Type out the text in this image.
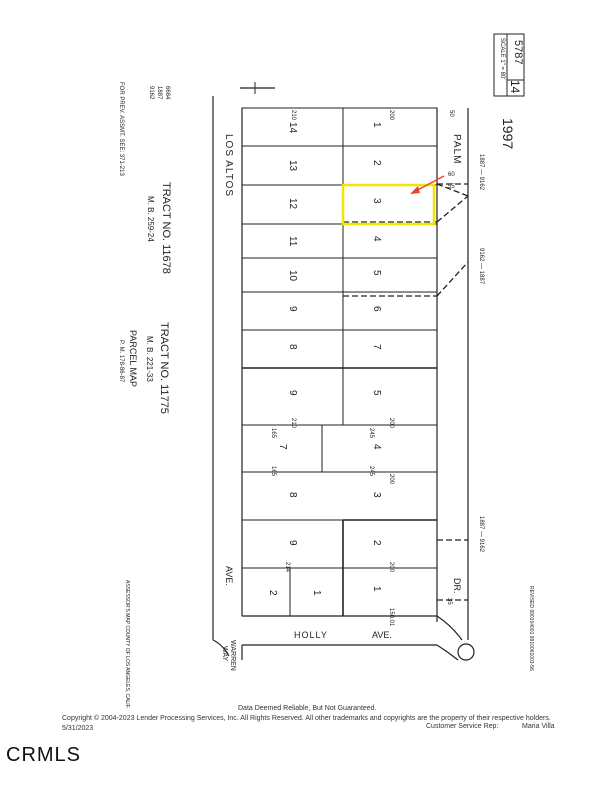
5787
14
SCALE 1" = 80'
1997
6684
1887
9162
FOR PREV. ASSMT. SEE: 371-213
TRACT NO. 11678
M. B. 259-24
TRACT NO. 11775
M. B. 221-33
PARCEL MAP
P. M. 178-86-87
ASSESSOR'S MAP COUNTY OF LOS ANGELES, CALIF.
LOS ALTOS
AVE.
PALM
DR.
HOLLY	AVE.
WARREN
WAY
1887 — 9162
9162 — 1887
1887 — 9162
1
2
3
4
5
6
7
14
13
12
11
10
9
8
5
4
3
2
1
9
7
8
9
2	1
210	200	50
210	200
165	245
165	245
200
200
214
150.01
35
60
55
REVISED 990104001 9910061003-56
Data Deemed Reliable, But Not Guaranteed.
Copyright © 2004-2023 Lender Processing Services, Inc. All Rights Reserved. All other trademarks and copyrights are the property of their respective holders.
5/31/2023	Customer Service Rep:	Maria Villa
CRMLS
